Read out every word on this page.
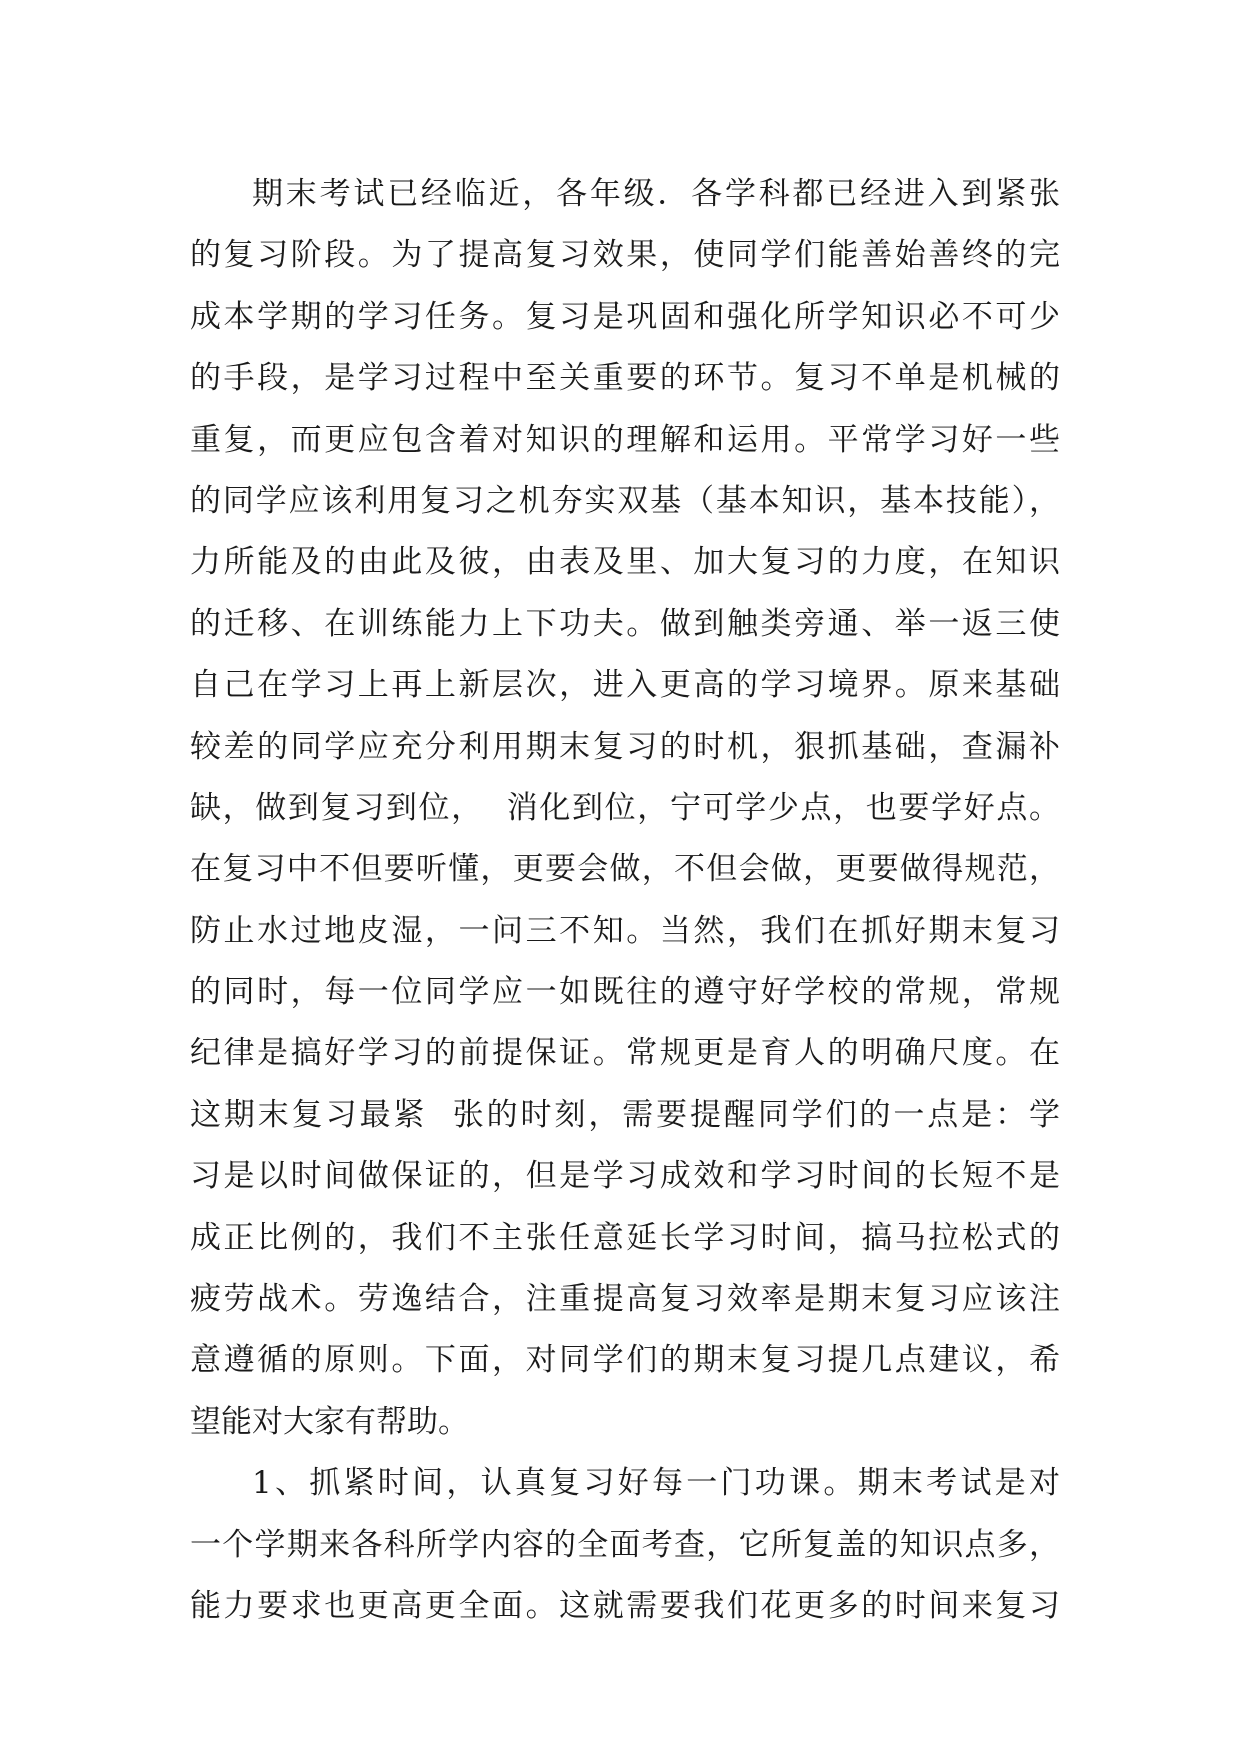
期末考试已经临近，各年级．各学科都已经进入到紧张
的复习阶段。为了提高复习效果，使同学们能善始善终的完
成本学期的学习任务。复习是巩固和强化所学知识必不可少
的手段，是学习过程中至关重要的环节。复习不单是机械的
重复，而更应包含着对知识的理解和运用。平常学习好一些
的同学应该利用复习之机夯实双基（基本知识，基本技能），
力所能及的由此及彼，由表及里、加大复习的力度，在知识
的迁移、在训练能力上下功夫。做到触类旁通、举一返三使
自己在学习上再上新层次，进入更高的学习境界。原来基础
较差的同学应充分利用期末复习的时机，狠抓基础，查漏补
缺，做到复习到位，  消化到位，宁可学少点，也要学好点。
在复习中不但要听懂，更要会做，不但会做，更要做得规范，
防止水过地皮湿，一问三不知。当然，我们在抓好期末复习
的同时，每一位同学应一如既往的遵守好学校的常规，常规
纪律是搞好学习的前提保证。常规更是育人的明确尺度。在
这期末复习最紧  张的时刻，需要提醒同学们的一点是：学
习是以时间做保证的，但是学习成效和学习时间的长短不是
成正比例的，我们不主张任意延长学习时间，搞马拉松式的
疲劳战术。劳逸结合，注重提高复习效率是期末复习应该注
意遵循的原则。下面，对同学们的期末复习提几点建议，希
望能对大家有帮助。
1、抓紧时间，认真复习好每一门功课。期末考试是对
一个学期来各科所学内容的全面考查，它所复盖的知识点多，
能力要求也更高更全面。这就需要我们花更多的时间来复习
